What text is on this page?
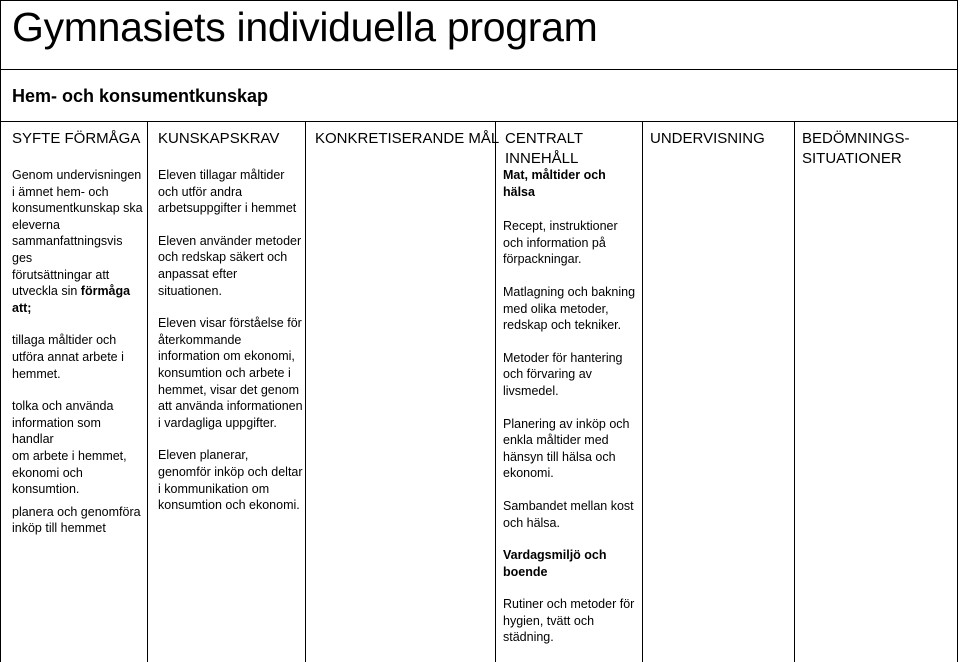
Gymnasiets individuella program
Hem- och konsumentkunskap
SYFTE FÖRMÅGA KUNSKAPSKRAV KONKRETISERANDE MÅL CENTRALT
INNEHÅLL
UNDERVISNING BEDÖMNINGS-
SITUATIONER
Genom undervisningen
i ämnet hem- och
konsumentkunskap ska
eleverna
sammanfattningsvis ges
förutsättningar att
utveckla sin förmåga
att;
tillaga måltider och
utföra annat arbete i
hemmet.
tolka och använda
information som handlar
om arbete i hemmet,
ekonomi och
konsumtion.
planera och genomföra
inköp till hemmet
Eleven tillagar måltider
och utför andra
arbetsuppgifter i hemmet
Eleven använder metoder
och redskap säkert och
anpassat efter
situationen.
Eleven visar förståelse för
återkommande
information om ekonomi,
konsumtion och arbete i
hemmet, visar det genom
att använda informationen
i vardagliga uppgifter.
Eleven planerar,
genomför inköp och deltar
i kommunikation om
konsumtion och ekonomi.
Mat, måltider och
hälsa
Recept, instruktioner
och information på
förpackningar.
Matlagning och bakning
med olika metoder,
redskap och tekniker.
Metoder för hantering
och förvaring av
livsmedel.
Planering av inköp och
enkla måltider med
hänsyn till hälsa och
ekonomi.
Sambandet mellan kost
och hälsa.
Vardagsmiljö och
boende
Rutiner och metoder för
hygien, tvätt och
städning.
